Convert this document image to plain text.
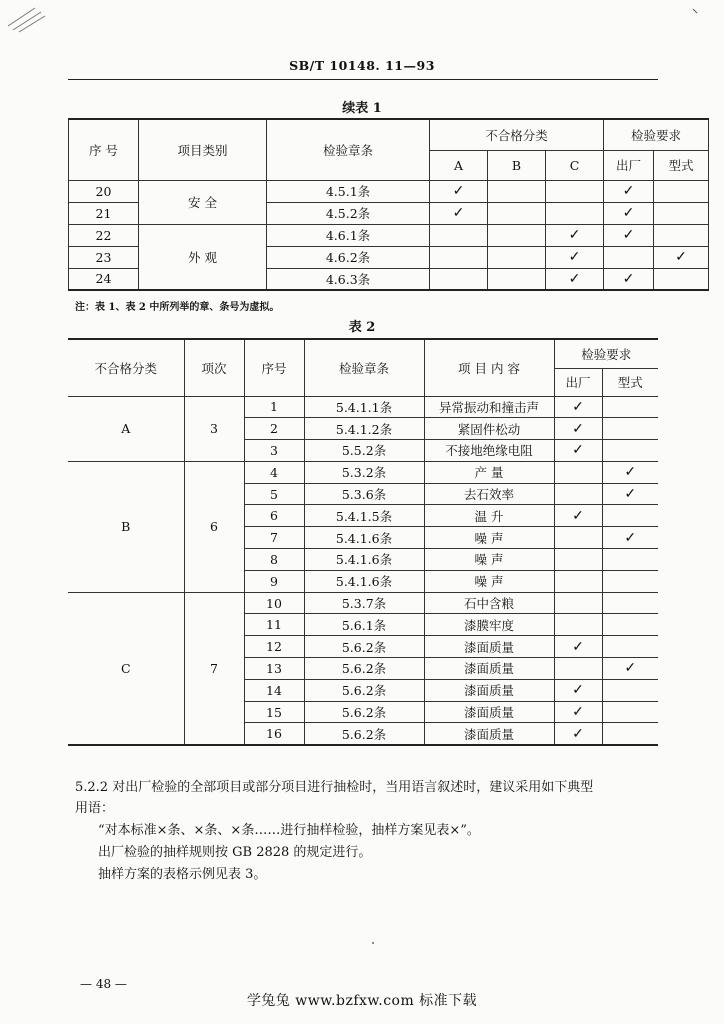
SB/T 10148. 11—93
续表 1
序 号	项目类别	检验章条	不合格分类			检验要求	
			A	B	C	出厂	型式
20	安 全	4.5.1条	✓			✓	
21		4.5.2条	✓			✓	
22	外 观	4.6.1条			✓	✓	
23		4.6.2条			✓		✓
24		4.6.3条			✓	✓	
注：表 1、表 2 中所列举的章、条号为虚拟。
表 2
不合格分类	项次	序号	检验章条	项 目 内 容	检验要求	
					出厂	型式
A	3	1	5.4.1.1条	异常振动和撞击声	✓	
		2	5.4.1.2条	紧固件松动	✓	
		3	5.5.2条	不接地绝缘电阻	✓	
B	6	4	5.3.2条	产 量		✓
		5	5.3.6条	去石效率		✓
		6	5.4.1.5条	温 升	✓	
		7	5.4.1.6条	噪 声		✓
		8	5.4.1.6条	噪 声		
		9	5.4.1.6条	噪 声		
C	7	10	5.3.7条	石中含粮		
		11	5.6.1条	漆膜牢度		
		12	5.6.2条	漆面质量	✓	
		13	5.6.2条	漆面质量		✓
		14	5.6.2条	漆面质量	✓	
		15	5.6.2条	漆面质量	✓	
		16	5.6.2条	漆面质量	✓	
5.2.2 对出厂检验的全部项目或部分项目进行抽检时，当用语言叙述时，建议采用如下典型
用语：
“对本标准×条、×条、×条……进行抽样检验，抽样方案见表×”。
出厂检验的抽样规则按 GB 2828 的规定进行。
抽样方案的表格示例见表 3。
— 48 —
学兔兔 www.bzfxw.com 标准下载
